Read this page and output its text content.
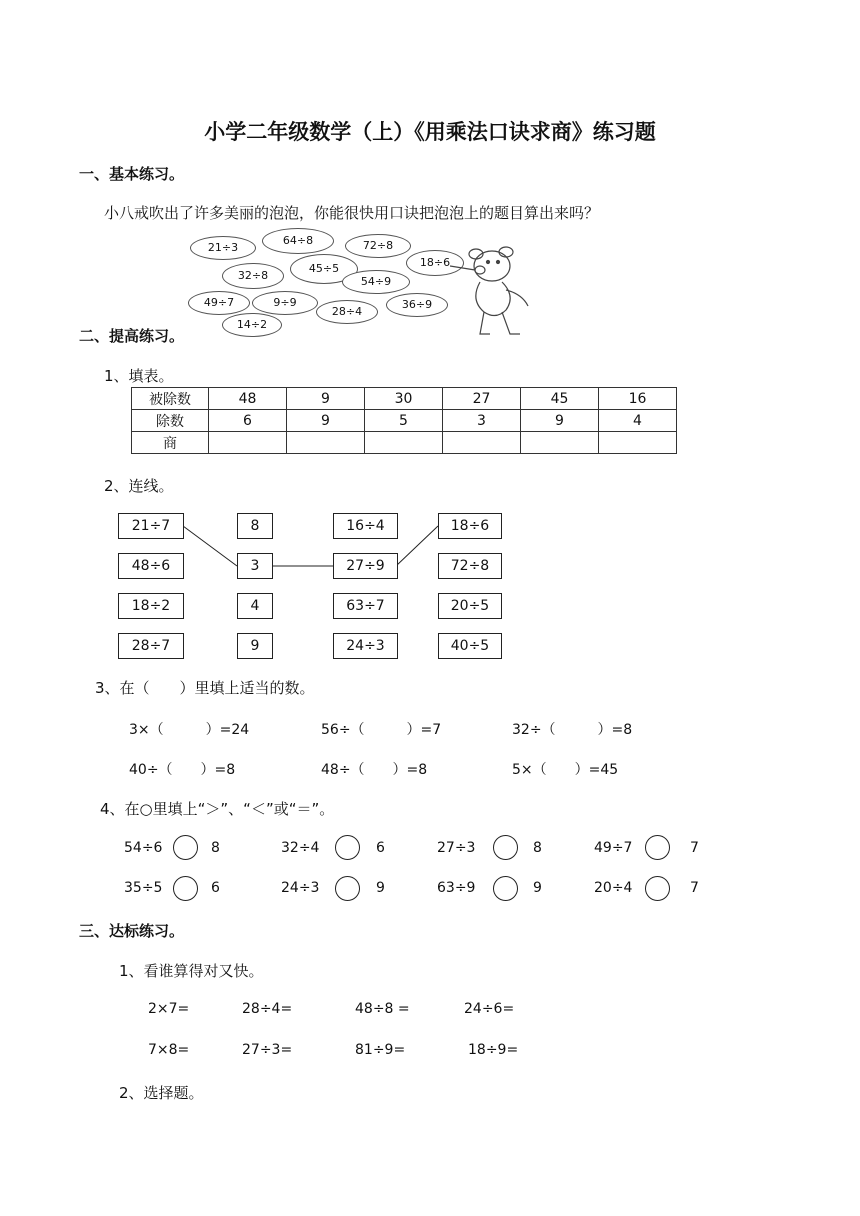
小学二年级数学（上）《用乘法口诀求商》练习题
一、基本练习。
小八戒吹出了许多美丽的泡泡，你能很快用口诀把泡泡上的题目算出来吗？
21÷3
64÷8	72÷8
32÷8
45÷5	18÷6
54÷9
49÷7	9÷9
28÷4
36÷9
14÷2
二、提高练习。
1、填表。
被除数	48	9	30	27	45	16
除数	6	9	5	3	9	4
商						
2、连线。
21÷7
48÷6
18÷2
28÷7
8
3
4
9
16÷4
27÷9
63÷7
24÷3
18÷6
72÷8
20÷5
40÷5
3、在（　　）里填上适当的数。
3×（　　　）=24	56÷（　　　）=7	32÷（　　　）=8
40÷（　　）=8	48÷（　　）=8	5×（　　）=45
4、在○里填上“＞”、“＜”或“＝”。
54÷6	8	32÷4	6	27÷3	8	49÷7	7
35÷5	6	24÷3	9	63÷9	9	20÷4	7
三、达标练习。
1、看谁算得对又快。
2×7=	28÷4=	48÷8 =	24÷6=
7×8=	27÷3=	81÷9=	18÷9=
2、选择题。
